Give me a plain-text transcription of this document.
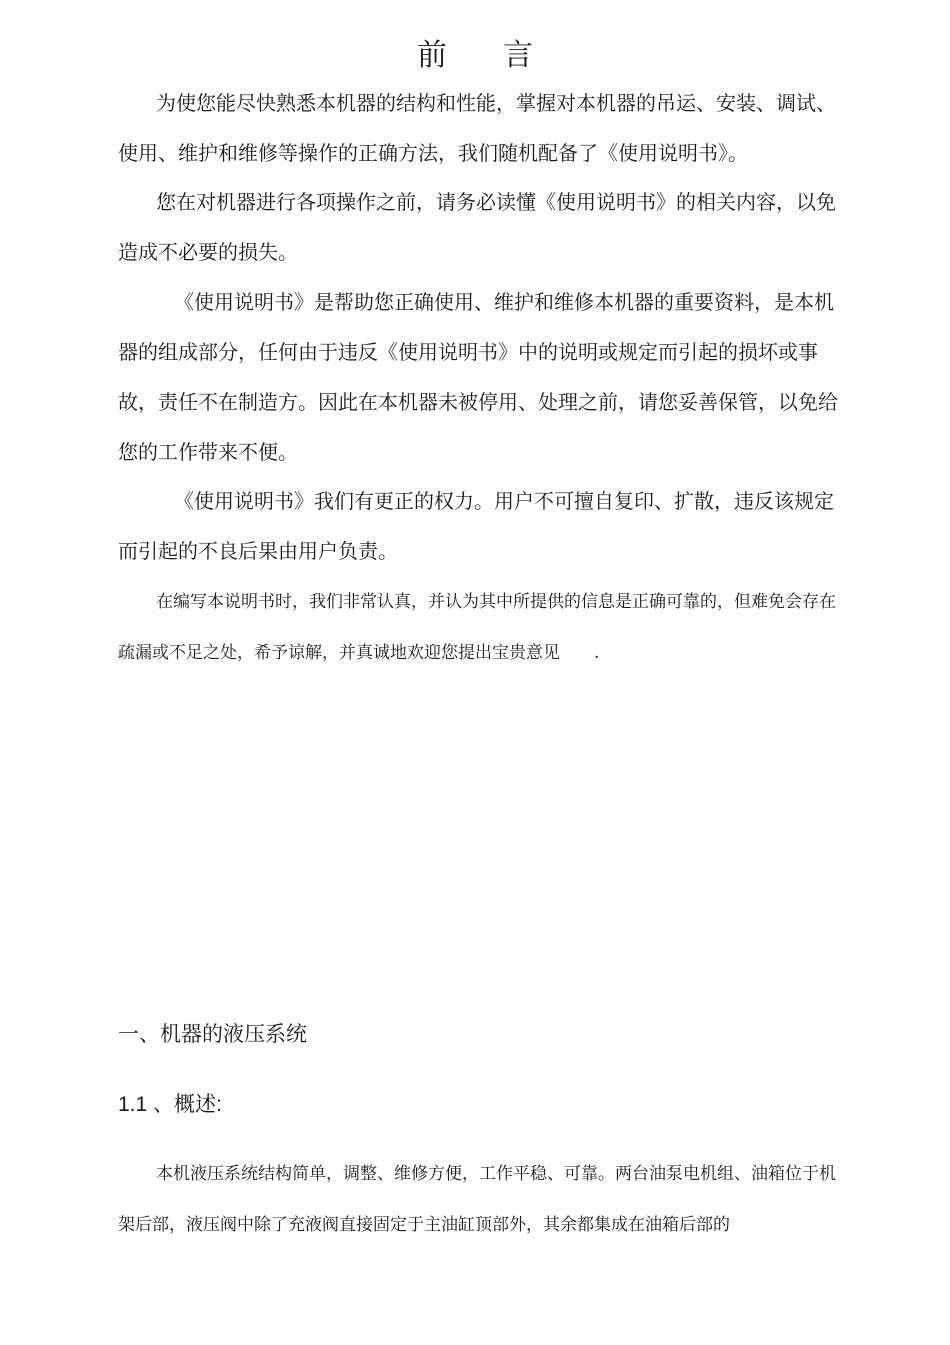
前言

为使您能尽快熟悉本机器的结构和性能，掌握对本机器的吊运、安装、调试、使用、维护和维修等操作的正确方法，我们随机配备了《使用说明书》。

您在对机器进行各项操作之前，请务必读懂《使用说明书》的相关内容，以免造成不必要的损失。

《使用说明书》是帮助您正确使用、维护和维修本机器的重要资料，是本机器的组成部分，任何由于违反《使用说明书》中的说明或规定而引起的损坏或事故，责任不在制造方。因此在本机器未被停用、处理之前，请您妥善保管，以免给您的工作带来不便。

《使用说明书》我们有更正的权力。用户不可擅自复印、扩散，违反该规定而引起的不良后果由用户负责。

在编写本说明书时，我们非常认真，并认为其中所提供的信息是正确可靠的，但难免会存在疏漏或不足之处，希予谅解，并真诚地欢迎您提出宝贵意见　　.

一、机器的液压系统
1.1 、概述:

本机液压系统结构简单，调整、维修方便，工作平稳、可靠。两台油泵电机组、油箱位于机架后部，液压阀中除了充液阀直接固定于主油缸顶部外，其余都集成在油箱后部的
